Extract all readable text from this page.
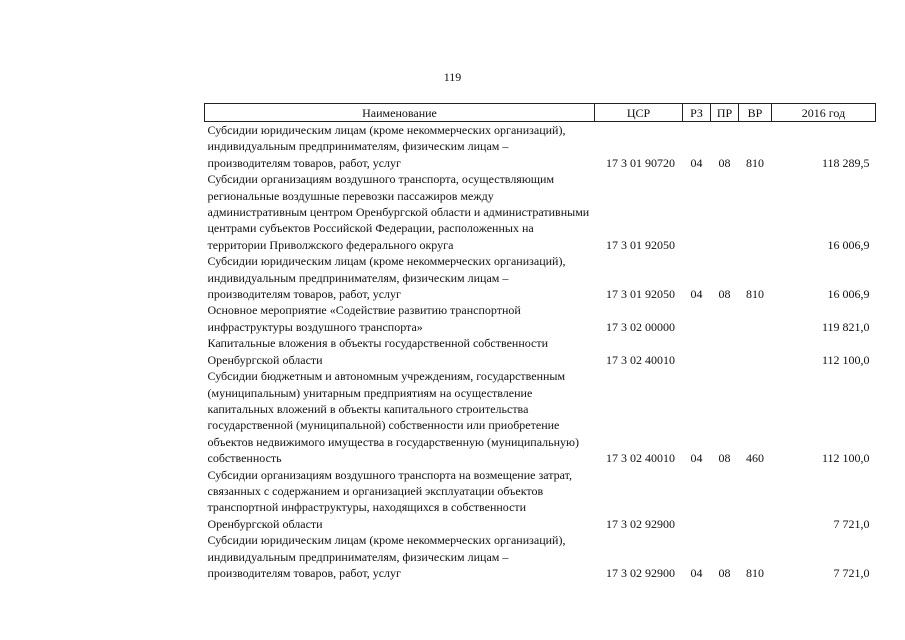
119
Наименование	ЦСР	РЗ	ПР	ВР	2016 год
Субсидии юридическим лицам (кроме некоммерческих организаций), индивидуальным предпринимателям, физическим лицам – производителям товаров, работ, услуг	17 3 01 90720	04	08	810	118 289,5
Субсидии организациям воздушного транспорта, осуществляющим региональные воздушные перевозки пассажиров между административным центром Оренбургской области и административными центрами субъектов Российской Федерации, расположенных на территории Приволжского федерального округа	17 3 01 92050				16 006,9
Субсидии юридическим лицам (кроме некоммерческих организаций), индивидуальным предпринимателям, физическим лицам – производителям товаров, работ, услуг	17 3 01 92050	04	08	810	16 006,9
Основное мероприятие «Содействие развитию транспортной инфраструктуры воздушного транспорта»	17 3 02 00000				119 821,0
Капитальные вложения в объекты государственной собственности Оренбургской области	17 3 02 40010				112 100,0
Субсидии бюджетным и автономным учреждениям, государственным (муниципальным) унитарным предприятиям на осуществление капитальных вложений в объекты капитального строительства государственной (муниципальной) собственности или приобретение объектов недвижимого имущества в государственную (муниципальную) собственность	17 3 02 40010	04	08	460	112 100,0
Субсидии организациям воздушного транспорта на возмещение затрат, связанных с содержанием и организацией эксплуатации объектов транспортной инфраструктуры, находящихся в собственности Оренбургской области	17 3 02 92900				7 721,0
Субсидии юридическим лицам (кроме некоммерческих организаций), индивидуальным предпринимателям, физическим лицам – производителям товаров, работ, услуг	17 3 02 92900	04	08	810	7 721,0
